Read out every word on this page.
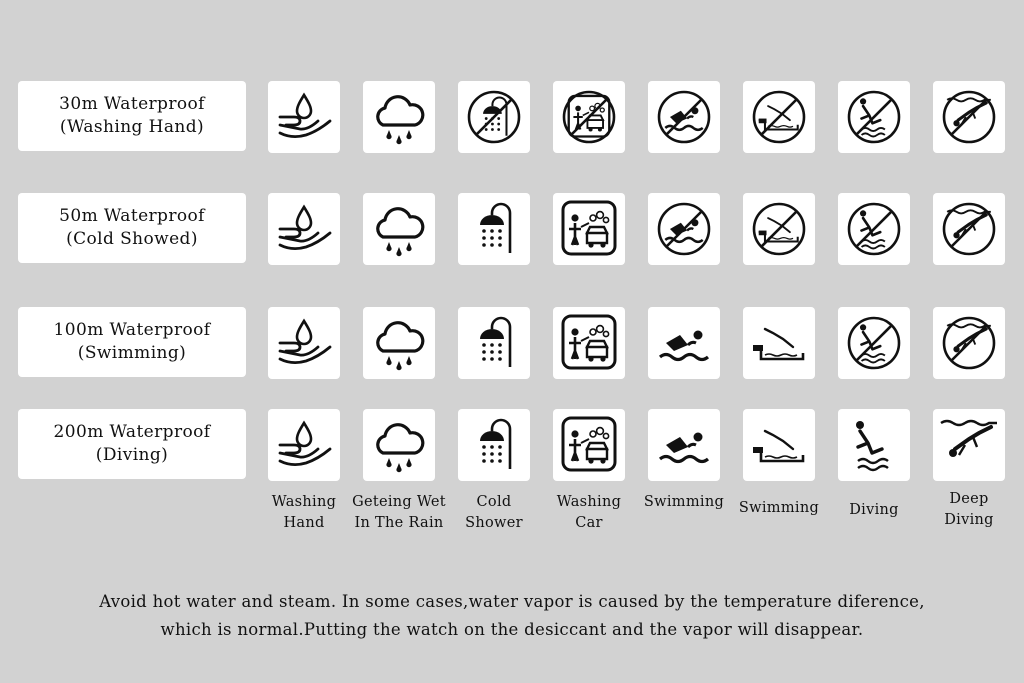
30m Waterproof
(Washing Hand)
50m Waterproof
(Cold Showed)
100m Waterproof
(Swimming)
200m Waterproof
(Diving)
Washing
Hand
Geteing Wet
In The Rain
Cold
Shower
Washing
Car
Swimming	Swimming	Diving
Deep
Diving
Avoid hot water and steam. In some cases,water vapor is caused by the temperature diference,
which is normal.Putting the watch on the desiccant and the vapor will disappear.
